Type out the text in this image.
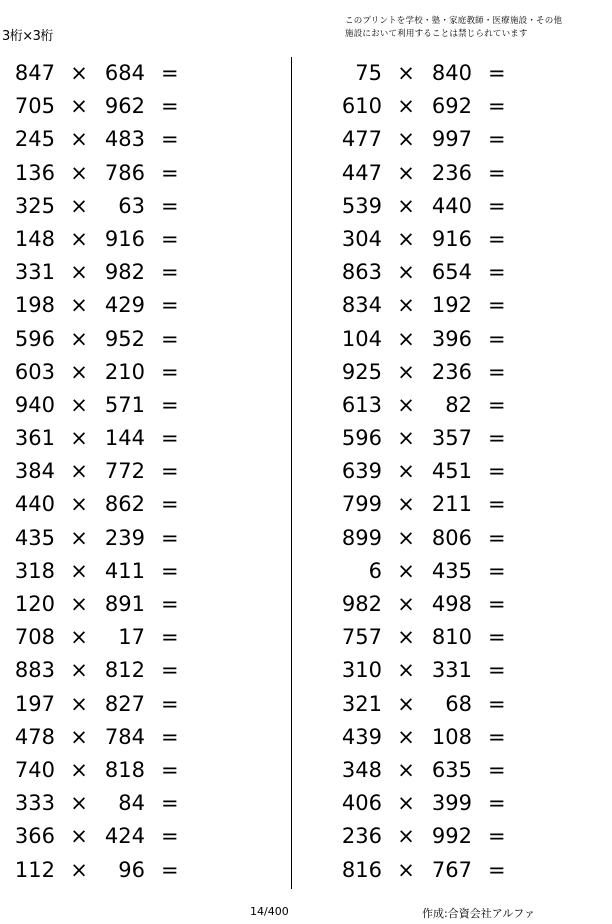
3桁×3桁
このプリントを学校・塾・家庭教師・医療施設・その他
施設において利用することは禁じられています
847 × 684 =
705 × 962 =
245 × 483 =
136 × 786 =
325 ×	63 =
148 × 916 =
331 × 982 =
198 × 429 =
596 × 952 =
603 × 210 =
940 × 571 =
361 × 144 =
384 × 772 =
440 × 862 =
435 × 239 =
318 × 411 =
120 × 891 =
708 ×	17 =
883 × 812 =
197 × 827 =
478 × 784 =
740 × 818 =
333 ×	84 =
366 × 424 =
112 ×	96 =
75 × 840 =
610 × 692 =
477 × 997 =
447 × 236 =
539 × 440 =
304 × 916 =
863 × 654 =
834 × 192 =
104 × 396 =
925 × 236 =
613 ×	82 =
596 × 357 =
639 × 451 =
799 × 211 =
899 × 806 =
6 × 435 =
982 × 498 =
757 × 810 =
310 × 331 =
321 ×	68 =
439 × 108 =
348 × 635 =
406 × 399 =
236 × 992 =
816 × 767 =
14/400	作成:合資会社アルファ
